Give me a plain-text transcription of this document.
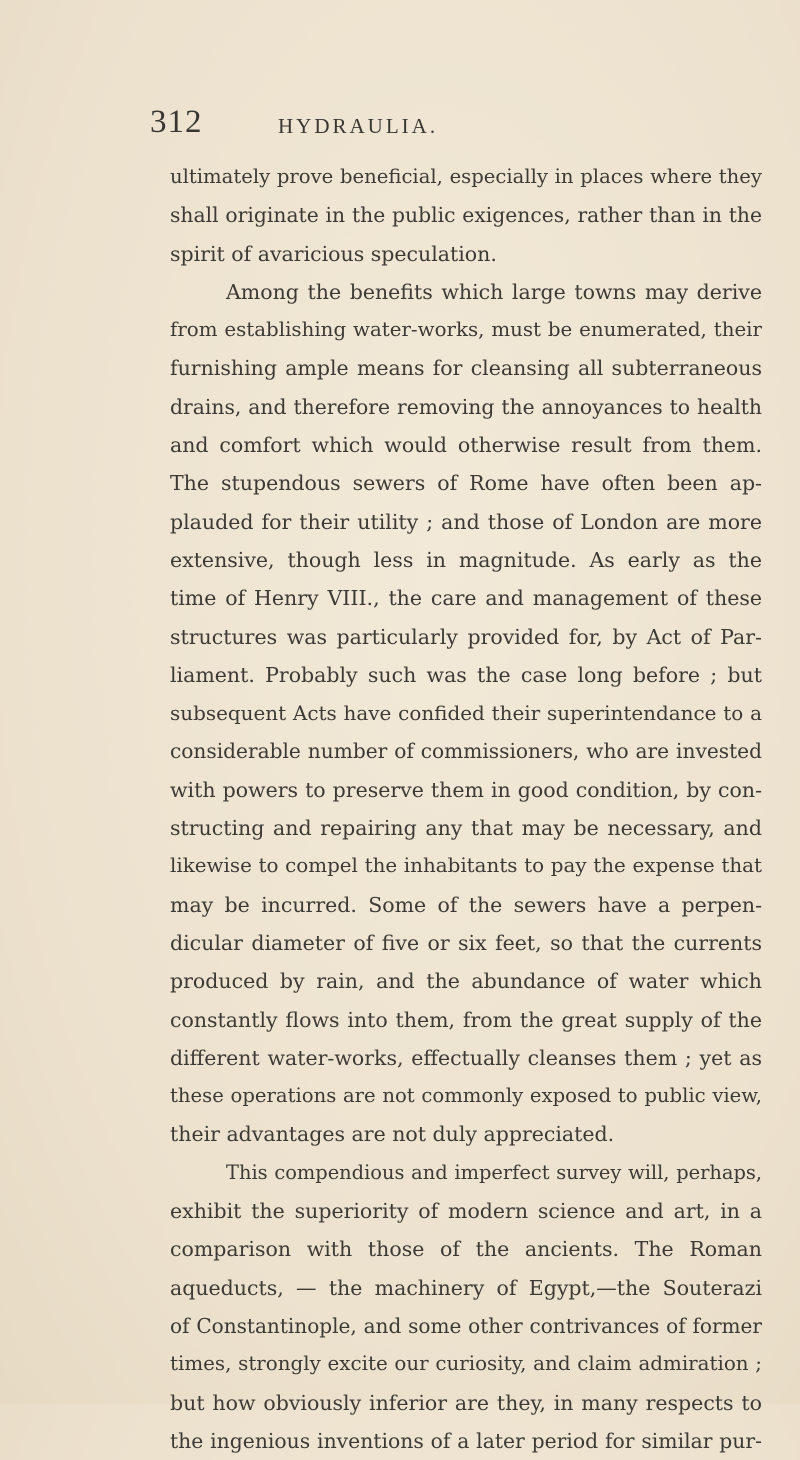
312	HYDRAULIA.
ultimately prove beneficial, especially in places where they
shall originate in the public exigences, rather than in the
spirit of avaricious speculation.
Among the benefits which large towns may derive
from establishing water-works, must be enumerated, their
furnishing ample means for cleansing all subterraneous
drains, and therefore removing the annoyances to health
and comfort which would otherwise result from them.
The stupendous sewers of Rome have often been ap-
plauded for their utility ; and those of London are more
extensive, though less in magnitude. As early as the
time of Henry VIII., the care and management of these
structures was particularly provided for, by Act of Par-
liament. Probably such was the case long before ; but
subsequent Acts have confided their superintendance to a
considerable number of commissioners, who are invested
with powers to preserve them in good condition, by con-
structing and repairing any that may be necessary, and
likewise to compel the inhabitants to pay the expense that
may be incurred. Some of the sewers have a perpen-
dicular diameter of five or six feet, so that the currents
produced by rain, and the abundance of water which
constantly flows into them, from the great supply of the
different water-works, effectually cleanses them ; yet as
these operations are not commonly exposed to public view,
their advantages are not duly appreciated.
This compendious and imperfect survey will, perhaps,
exhibit the superiority of modern science and art, in a
comparison with those of the ancients. The Roman
aqueducts, — the machinery of Egypt,—the Souterazi
of Constantinople, and some other contrivances of former
times, strongly excite our curiosity, and claim admiration ;
but how obviously inferior are they, in many respects to
the ingenious inventions of a later period for similar pur-
